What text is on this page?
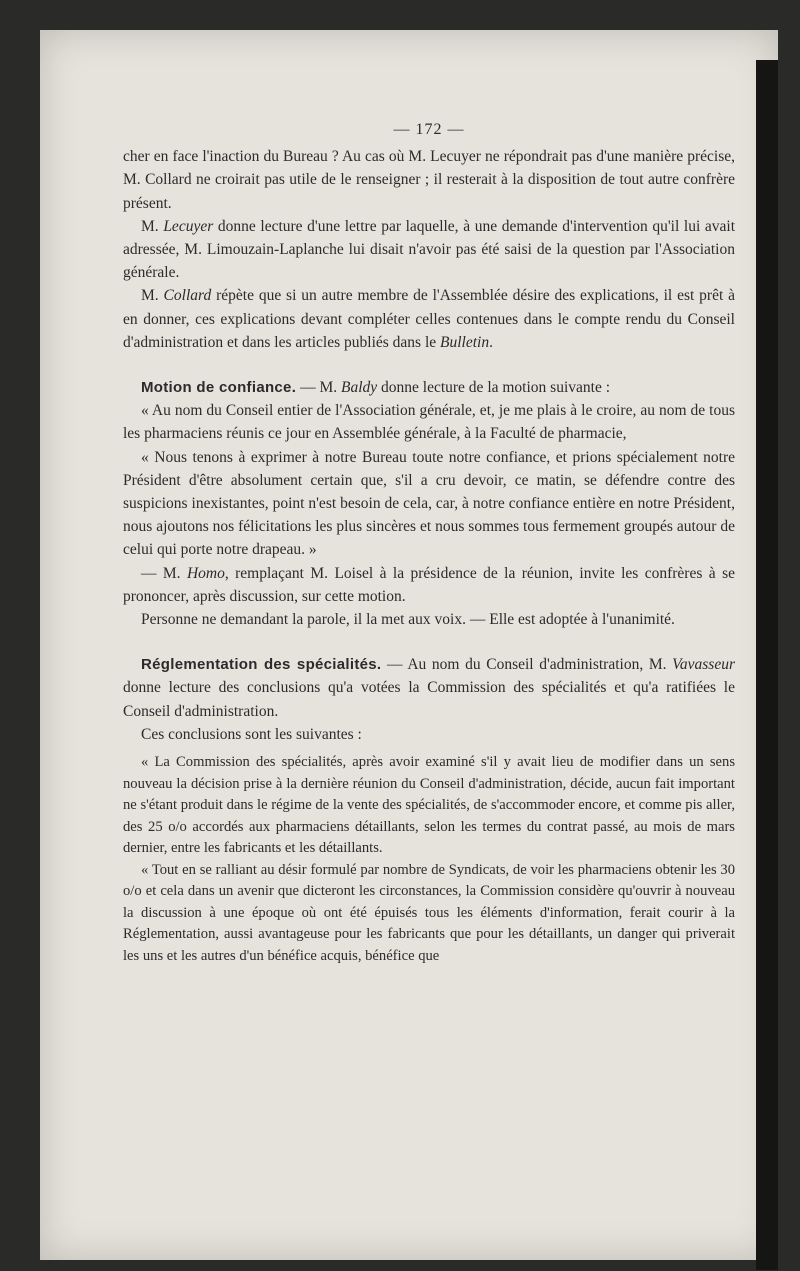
— 172 —

cher en face l'inaction du Bureau ? Au cas où M. Lecuyer ne répondrait pas d'une manière précise, M. Collard ne croirait pas utile de le renseigner ; il resterait à la disposition de tout autre confrère présent.

M. Lecuyer donne lecture d'une lettre par laquelle, à une demande d'intervention qu'il lui avait adressée, M. Limouzain-Laplanche lui disait n'avoir pas été saisi de la question par l'Association générale.

M. Collard répète que si un autre membre de l'Assemblée désire des explications, il est prêt à en donner, ces explications devant compléter celles contenues dans le compte rendu du Conseil d'administration et dans les articles publiés dans le Bulletin.

Motion de confiance. — M. Baldy donne lecture de la motion suivante :

« Au nom du Conseil entier de l'Association générale, et, je me plais à le croire, au nom de tous les pharmaciens réunis ce jour en Assemblée générale, à la Faculté de pharmacie,

« Nous tenons à exprimer à notre Bureau toute notre confiance, et prions spécialement notre Président d'être absolument certain que, s'il a cru devoir, ce matin, se défendre contre des suspicions inexistantes, point n'est besoin de cela, car, à notre confiance entière en notre Président, nous ajoutons nos félicitations les plus sincères et nous sommes tous fermement groupés autour de celui qui porte notre drapeau. »

— M. Homo, remplaçant M. Loisel à la présidence de la réunion, invite les confrères à se prononcer, après discussion, sur cette motion.

Personne ne demandant la parole, il la met aux voix. — Elle est adoptée à l'unanimité.

Réglementation des spécialités. — Au nom du Conseil d'administration, M. Vavasseur donne lecture des conclusions qu'a votées la Commission des spécialités et qu'a ratifiées le Conseil d'administration.

Ces conclusions sont les suivantes :

« La Commission des spécialités, après avoir examiné s'il y avait lieu de modifier dans un sens nouveau la décision prise à la dernière réunion du Conseil d'administration, décide, aucun fait important ne s'étant produit dans le régime de la vente des spécialités, de s'accommoder encore, et comme pis aller, des 25 o/o accordés aux pharmaciens détaillants, selon les termes du contrat passé, au mois de mars dernier, entre les fabricants et les détaillants.

« Tout en se ralliant au désir formulé par nombre de Syndicats, de voir les pharmaciens obtenir les 30 o/o et cela dans un avenir que dicteront les circonstances, la Commission considère qu'ouvrir à nouveau la discussion à une époque où ont été épuisés tous les éléments d'information, ferait courir à la Réglementation, aussi avantageuse pour les fabricants que pour les détaillants, un danger qui priverait les uns et les autres d'un bénéfice acquis, bénéfice que
